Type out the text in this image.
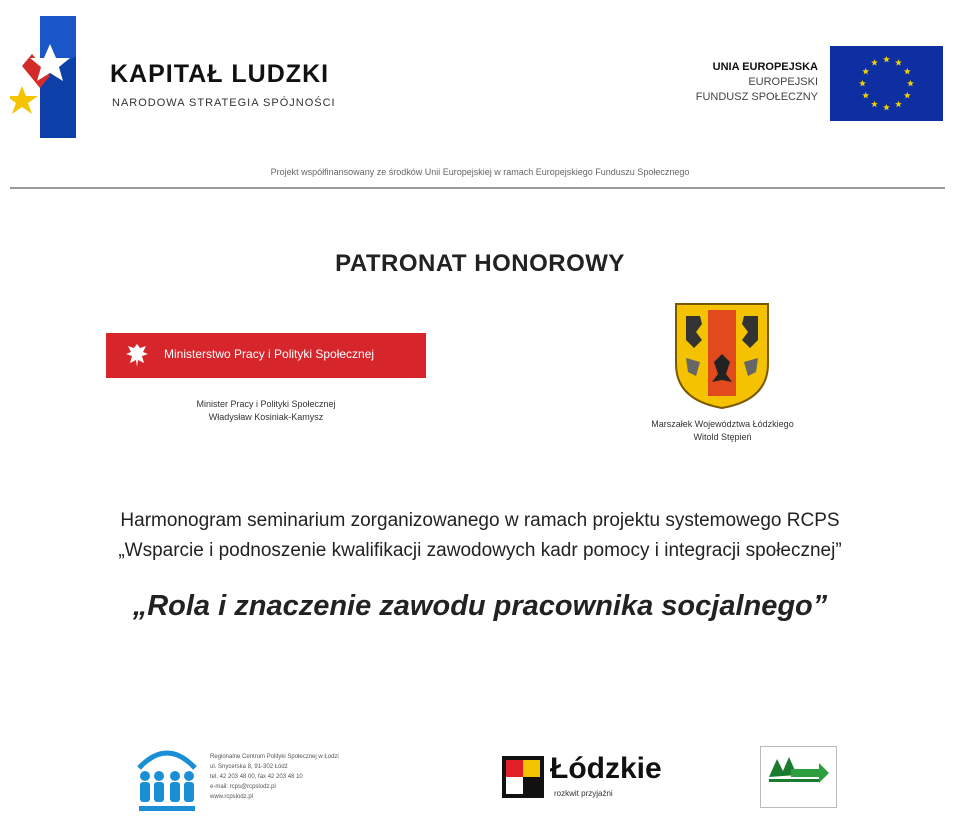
KAPITAŁ LUDZKI
NARODOWA STRATEGIA SPÓJNOŚCI
UNIA EUROPEJSKA
EUROPEJSKI
FUNDUSZ SPOŁECZNY
Projekt współfinansowany ze środków Unii Europejskiej w ramach Europejskiego Funduszu Społecznego
PATRONAT HONOROWY
Ministerstwo Pracy i Polityki Społecznej
Minister Pracy i Polityki Społecznej
Władysław Kosiniak-Kamysz
Marszałek Województwa Łódzkiego
Witold Stępień
Harmonogram seminarium zorganizowanego w ramach projektu systemowego RCPS
„Wsparcie i podnoszenie kwalifikacji zawodowych kadr pomocy i integracji społecznej”
„Rola i znaczenie zawodu pracownika socjalnego”
Regionalne Centrum Polityki Społecznej w Łodzi
ul. Snycerska 8, 91-302 Łódź
tel. 42 203 48 00, fax 42 203 48 10
e-mail: rcps@rcpslodz.pl
www.rcpslodz.pl
Łódzkie
rozkwit przyjaźni
